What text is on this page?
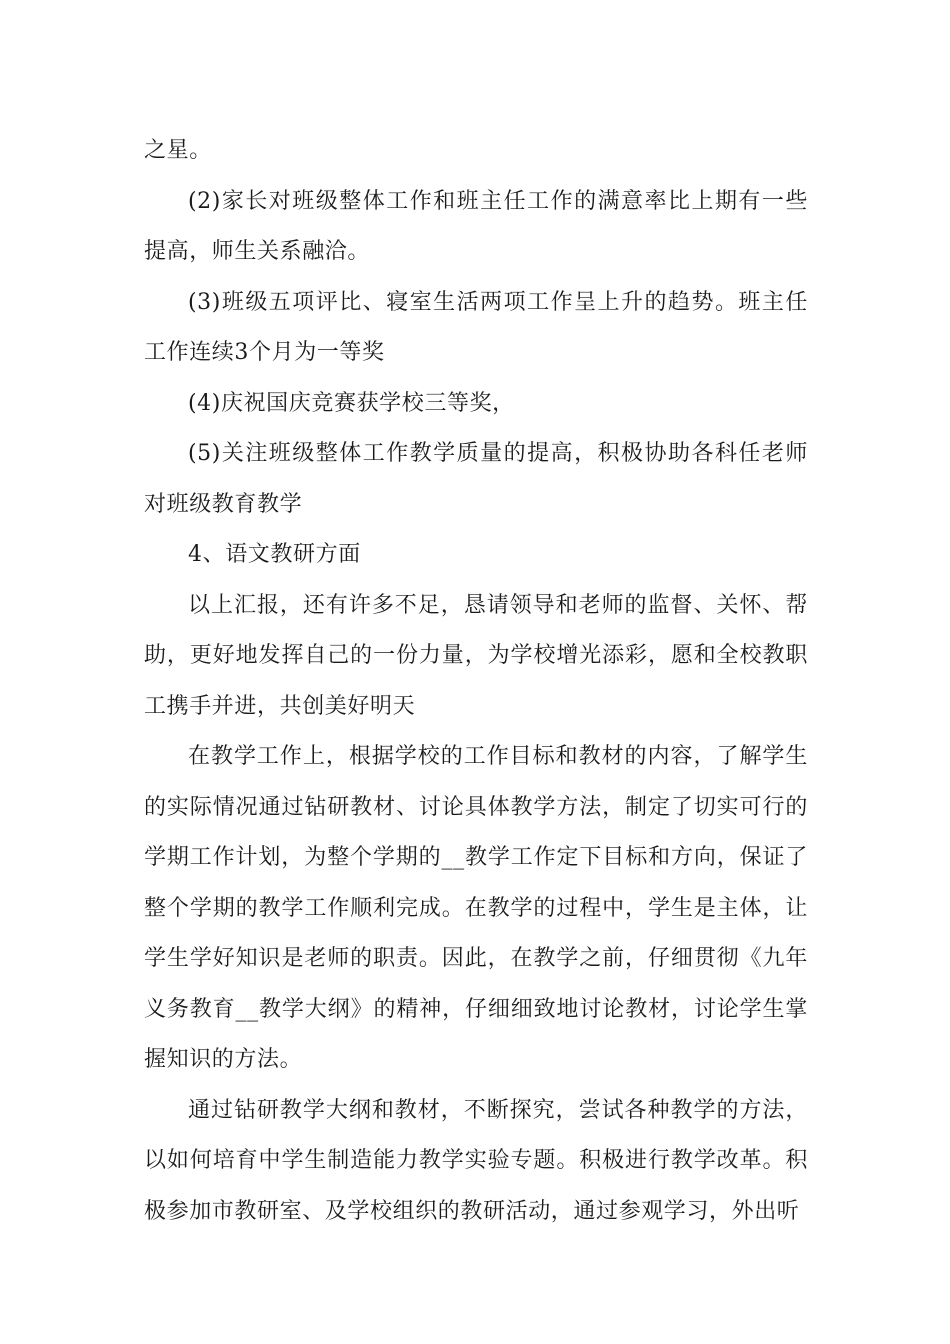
之星。

(2)家长对班级整体工作和班主任工作的满意率比上期有一些提高，师生关系融洽。

(3)班级五项评比、寝室生活两项工作呈上升的趋势。班主任工作连续3个月为一等奖

(4)庆祝国庆竞赛获学校三等奖，

(5)关注班级整体工作教学质量的提高，积极协助各科任老师对班级教育教学

4、语文教研方面

以上汇报，还有许多不足，恳请领导和老师的监督、关怀、帮助，更好地发挥自己的一份力量，为学校增光添彩，愿和全校教职工携手并进，共创美好明天

在教学工作上，根据学校的工作目标和教材的内容，了解学生的实际情况通过钻研教材、讨论具体教学方法，制定了切实可行的学期工作计划，为整个学期的__教学工作定下目标和方向，保证了整个学期的教学工作顺利完成。在教学的过程中，学生是主体，让学生学好知识是老师的职责。因此，在教学之前，仔细贯彻《九年义务教育__教学大纲》的精神，仔细细致地讨论教材，讨论学生掌握知识的方法。

通过钻研教学大纲和教材，不断探究，尝试各种教学的方法，以如何培育中学生制造能力教学实验专题。积极进行教学改革。积极参加市教研室、及学校组织的教研活动，通过参观学习，外出听
